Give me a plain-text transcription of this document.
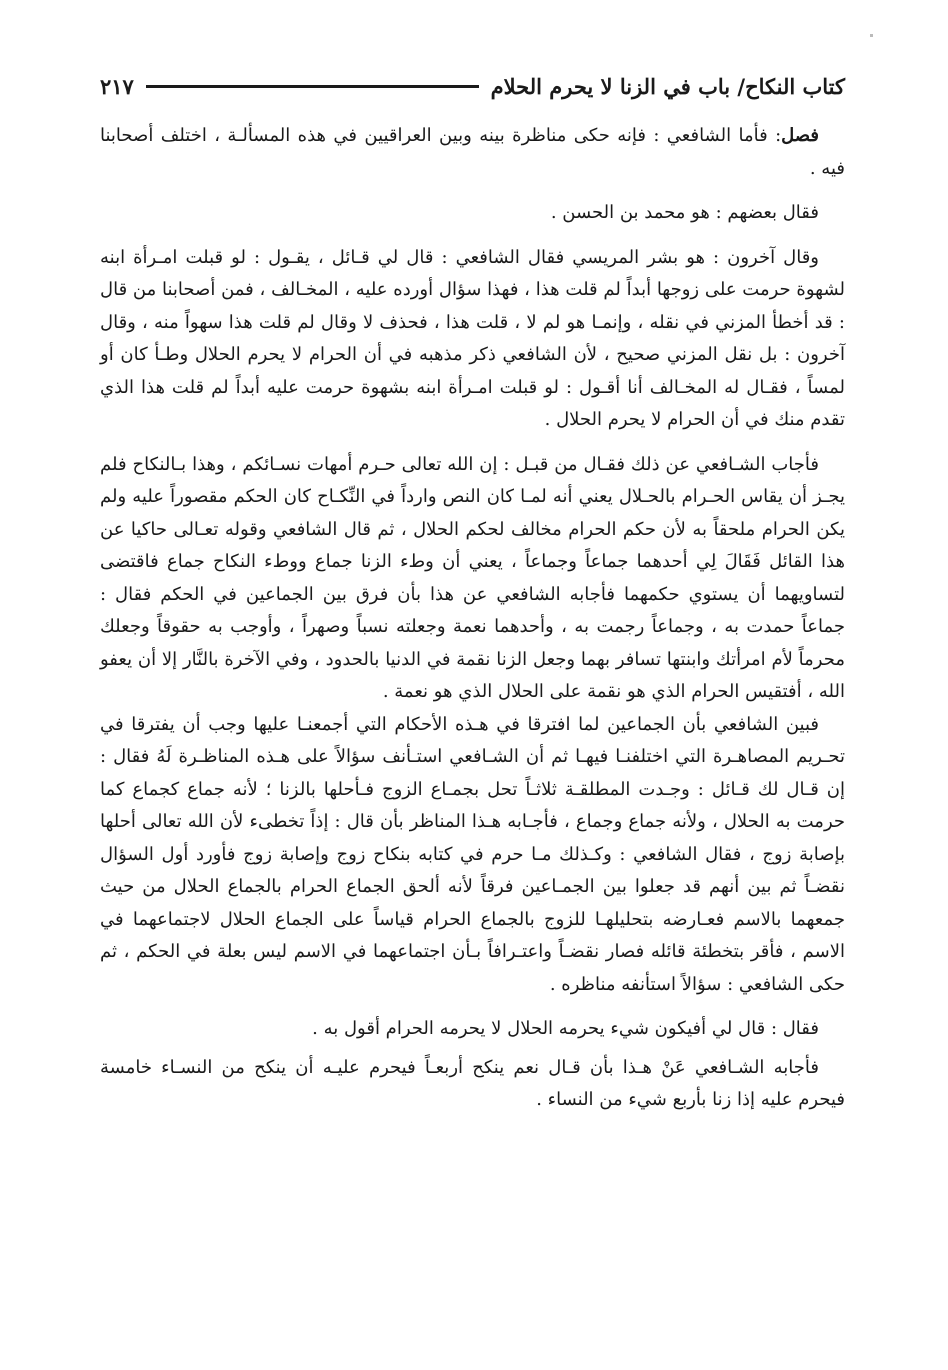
كتاب النكاح/ باب في الزنا لا يحرم الحلام
٢١٧

فصل: فأما الشافعي : فإنه حكى مناظرة بينه وبين العراقيين في هذه المسألـة ، اختلف أصحابنا فيه .

فقال بعضهم : هو محمد بن الحسن .

وقال آخرون : هو بشر المريسي فقال الشافعي : قال لي قـائل ، يقـول : لو قبلت امـرأة ابنه لشهوة حرمت على زوجها أبداً لم قلت هذا ، فهذا سؤال أورده عليه ، المخـالف ، فمن أصحابنا من قال : قد أخطأ المزني في نقله ، وإنمـا هو لم لا ، قلت هذا ، فحذف لا وقال لم قلت هذا سهواً منه ، وقال آخرون : بل نقل المزني صحيح ، لأن الشافعي ذكر مذهبه في أن الحرام لا يحرم الحلال وطـأ كان أو لمساً ، فقـال له المخـالف أنا أقـول : لو قبلت امـرأة ابنه بشهوة حرمت عليه أبداً لم قلت هذا الذي تقدم منك في أن الحرام لا يحرم الحلال .

فأجاب الشـافعي عن ذلك فقـال من قبـل : إن الله تعالى حـرم أمهات نسـائكم ، وهذا بـالنكاح فلم يجـز أن يقاس الحـرام بالحـلال يعني أنه لمـا كان النص وارداً في النِّكـاح كان الحكم مقصوراً عليه ولم يكن الحرام ملحقاً به لأن حكم الحرام مخالف لحكم الحلال ، ثم قال الشافعي وقوله تعـالى حاكيا عن هذا القائل فَقَالَ لِي أحدهما جماعاً وجماعاً ، يعني أن وطء الزنا جماع ووطء النكاح جماع فاقتضى لتساويهما أن يستوي حكمهما فأجابه الشافعي عن هذا بأن فرق بين الجماعين في الحكم فقال : جماعاً حمدت به ، وجماعاً رجمت به ، وأحدهما نعمة وجعلته نسباً وصهراً ، وأوجب به حقوقاً وجعلك محرماً لأم امرأتك وابنتها تسافر بهما وجعل الزنا نقمة في الدنيا بالحدود ، وفي الآخرة بالنَّار إلا أن يعفو الله ، أفتقيس الحرام الذي هو نقمة على الحلال الذي هو نعمة .

فبين الشافعي بأن الجماعين لما افترقا في هـذه الأحكام التي أجمعنـا عليها وجب أن يفترقا في تحـريم المصاهـرة التي اختلفنـا فيهـا ثم أن الشـافعي استـأنف سؤالاً على هـذه المناظـرة لَهُ فقال : إن قـال لك قـائل : وجـدت المطلقـة ثلاثـاً تحل بجمـاع الزوج فـأحلها بالزنا ؛ لأنه جماع كجماع كما حرمت به الحلال ، ولأنه جماع وجماع ، فأجـابه هـذا المناظر بأن قال : إذاً تخطىء لأن الله تعالى أحلها بإصابة زوج ، فقال الشافعي : وكـذلك مـا حرم في كتابه بنكاح زوج وإصابة زوج فأورد أول السؤال نقضـاً ثم بين أنهم قد جعلوا بين الجمـاعين فرقاً لأنه ألحق الجماع الحرام بالجماع الحلال من حيث جمعهما بالاسم فعـارضه بتحليلهـا للزوج بالجماع الحرام قياساً على الجماع الحلال لاجتماعهما في الاسم ، فأقر بتخطئة قائله فصار نقضـاً واعتـرافاً بـأن اجتماعهما في الاسم ليس بعلة في الحكم ، ثم حكى الشافعي : سؤالاً استأنفه مناظره .

فقال : قال لي أفيكون شيء يحرمه الحلال لا يحرمه الحرام أقول به .

فأجابه الشـافعي عَنْ هـذا بأن قـال نعم ينكح أربعـاً فيحرم عليـه أن ينكح من النسـاء خامسة فيحرم عليه إذا زنا بأربع شيء من النساء .
